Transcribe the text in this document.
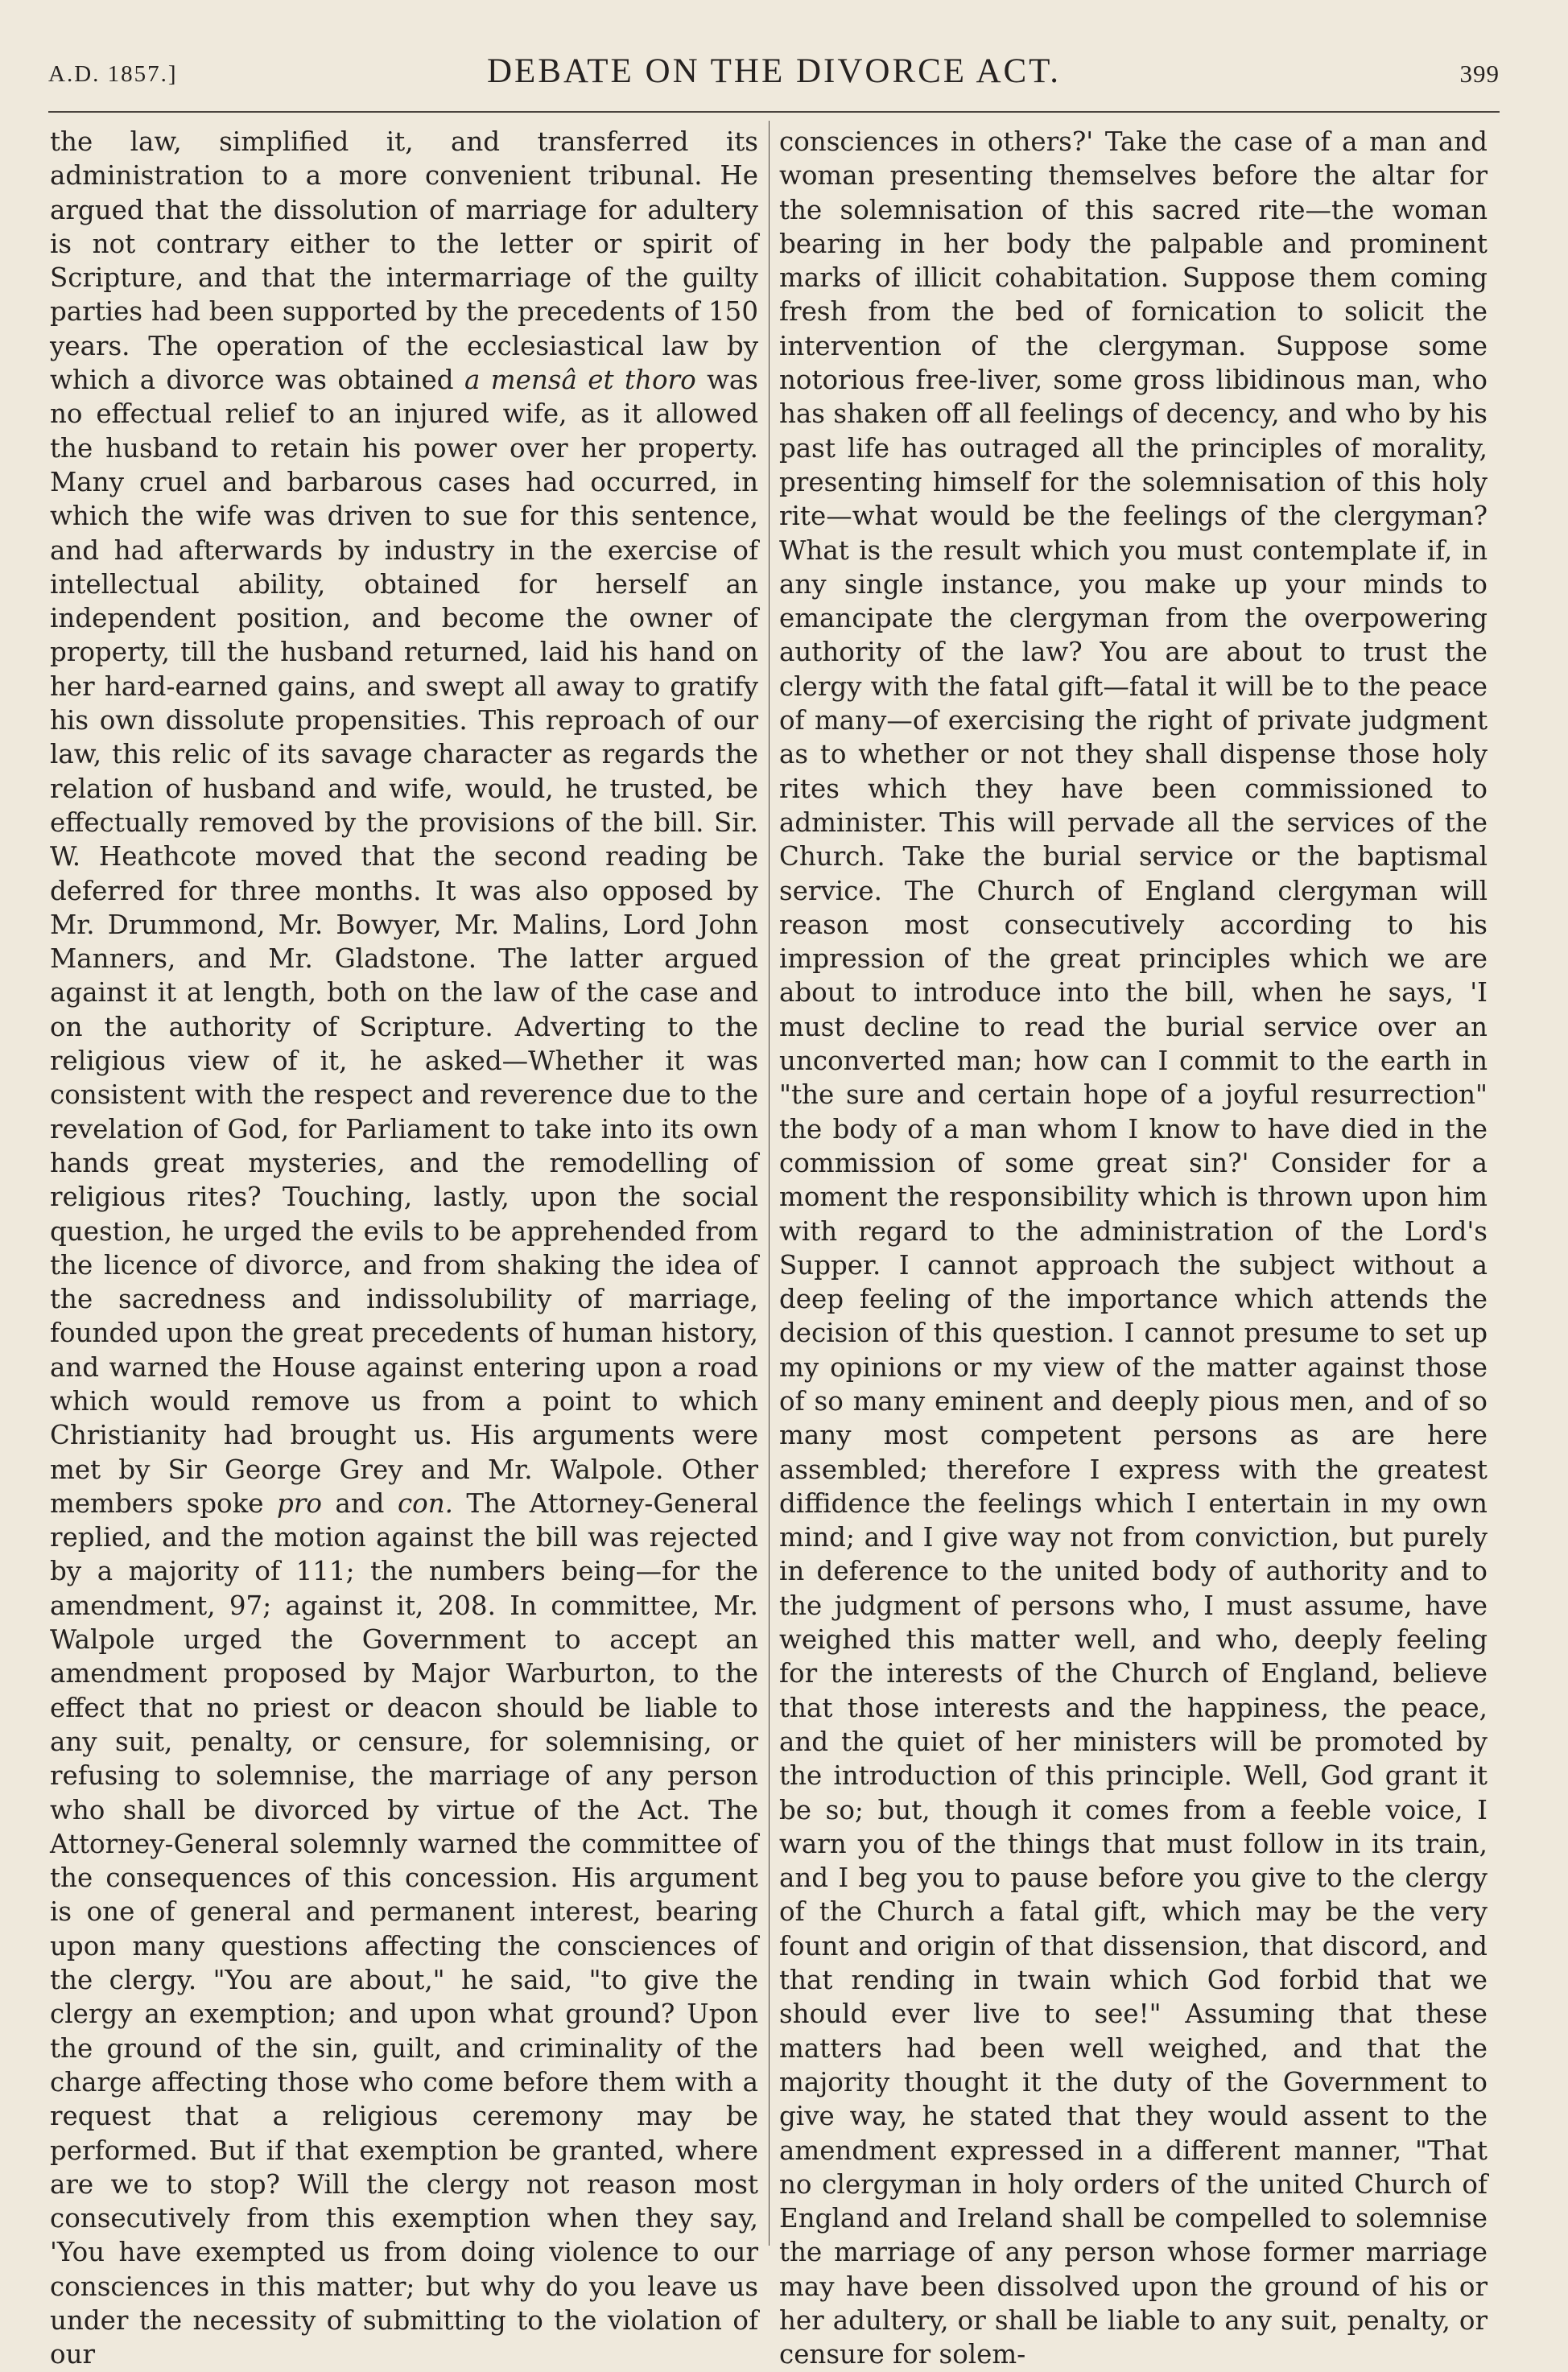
A.D. 1857.]	DEBATE ON THE DIVORCE ACT.	399

the law, simplified it, and transferred its administration to a more convenient tribunal. He argued that the dissolution of marriage for adultery is not contrary either to the letter or spirit of Scripture, and that the intermarriage of the guilty parties had been supported by the precedents of 150 years. The operation of the ecclesiastical law by which a divorce was obtained a mensâ et thoro was no effectual relief to an injured wife, as it allowed the husband to retain his power over her property. Many cruel and barbarous cases had occurred, in which the wife was driven to sue for this sentence, and had afterwards by industry in the exercise of intellectual ability, obtained for herself an independent position, and become the owner of property, till the husband returned, laid his hand on her hard-earned gains, and swept all away to gratify his own dissolute propensities. This reproach of our law, this relic of its savage character as regards the relation of husband and wife, would, he trusted, be effectually removed by the provisions of the bill. Sir. W. Heathcote moved that the second reading be deferred for three months. It was also opposed by Mr. Drummond, Mr. Bowyer, Mr. Malins, Lord John Manners, and Mr. Gladstone. The latter argued against it at length, both on the law of the case and on the authority of Scripture. Adverting to the religious view of it, he asked—Whether it was consistent with the respect and reverence due to the revelation of God, for Parliament to take into its own hands great mysteries, and the remodelling of religious rites? Touching, lastly, upon the social question, he urged the evils to be apprehended from the licence of divorce, and from shaking the idea of the sacredness and indissolubility of marriage, founded upon the great precedents of human history, and warned the House against entering upon a road which would remove us from a point to which Christianity had brought us. His arguments were met by Sir George Grey and Mr. Walpole. Other members spoke pro and con. The Attorney-General replied, and the motion against the bill was rejected by a majority of 111; the numbers being—for the amendment, 97; against it, 208. In committee, Mr. Walpole urged the Government to accept an amendment proposed by Major Warburton, to the effect that no priest or deacon should be liable to any suit, penalty, or censure, for solemnising, or refusing to solemnise, the marriage of any person who shall be divorced by virtue of the Act. The Attorney-General solemnly warned the committee of the consequences of this concession. His argument is one of general and permanent interest, bearing upon many questions affecting the consciences of the clergy. "You are about," he said, "to give the clergy an exemption; and upon what ground? Upon the ground of the sin, guilt, and criminality of the charge affecting those who come before them with a request that a religious ceremony may be performed. But if that exemption be granted, where are we to stop? Will the clergy not reason most consecutively from this exemption when they say, 'You have exempted us from doing violence to our consciences in this matter; but why do you leave us under the necessity of submitting to the violation of our

consciences in others?' Take the case of a man and woman presenting themselves before the altar for the solemnisation of this sacred rite—the woman bearing in her body the palpable and prominent marks of illicit cohabitation. Suppose them coming fresh from the bed of fornication to solicit the intervention of the clergyman. Suppose some notorious free-liver, some gross libidinous man, who has shaken off all feelings of decency, and who by his past life has outraged all the principles of morality, presenting himself for the solemnisation of this holy rite—what would be the feelings of the clergyman? What is the result which you must contemplate if, in any single instance, you make up your minds to emancipate the clergyman from the overpowering authority of the law? You are about to trust the clergy with the fatal gift—fatal it will be to the peace of many—of exercising the right of private judgment as to whether or not they shall dispense those holy rites which they have been commissioned to administer. This will pervade all the services of the Church. Take the burial service or the baptismal service. The Church of England clergyman will reason most consecutively according to his impression of the great principles which we are about to introduce into the bill, when he says, 'I must decline to read the burial service over an unconverted man; how can I commit to the earth in "the sure and certain hope of a joyful resurrection" the body of a man whom I know to have died in the commission of some great sin?' Consider for a moment the responsibility which is thrown upon him with regard to the administration of the Lord's Supper. I cannot approach the subject without a deep feeling of the importance which attends the decision of this question. I cannot presume to set up my opinions or my view of the matter against those of so many eminent and deeply pious men, and of so many most competent persons as are here assembled; therefore I express with the greatest diffidence the feelings which I entertain in my own mind; and I give way not from conviction, but purely in deference to the united body of authority and to the judgment of persons who, I must assume, have weighed this matter well, and who, deeply feeling for the interests of the Church of England, believe that those interests and the happiness, the peace, and the quiet of her ministers will be promoted by the introduction of this principle. Well, God grant it be so; but, though it comes from a feeble voice, I warn you of the things that must follow in its train, and I beg you to pause before you give to the clergy of the Church a fatal gift, which may be the very fount and origin of that dissension, that discord, and that rending in twain which God forbid that we should ever live to see!" Assuming that these matters had been well weighed, and that the majority thought it the duty of the Government to give way, he stated that they would assent to the amendment expressed in a different manner, "That no clergyman in holy orders of the united Church of England and Ireland shall be compelled to solemnise the marriage of any person whose former marriage may have been dissolved upon the ground of his or her adultery, or shall be liable to any suit, penalty, or censure for solem-
